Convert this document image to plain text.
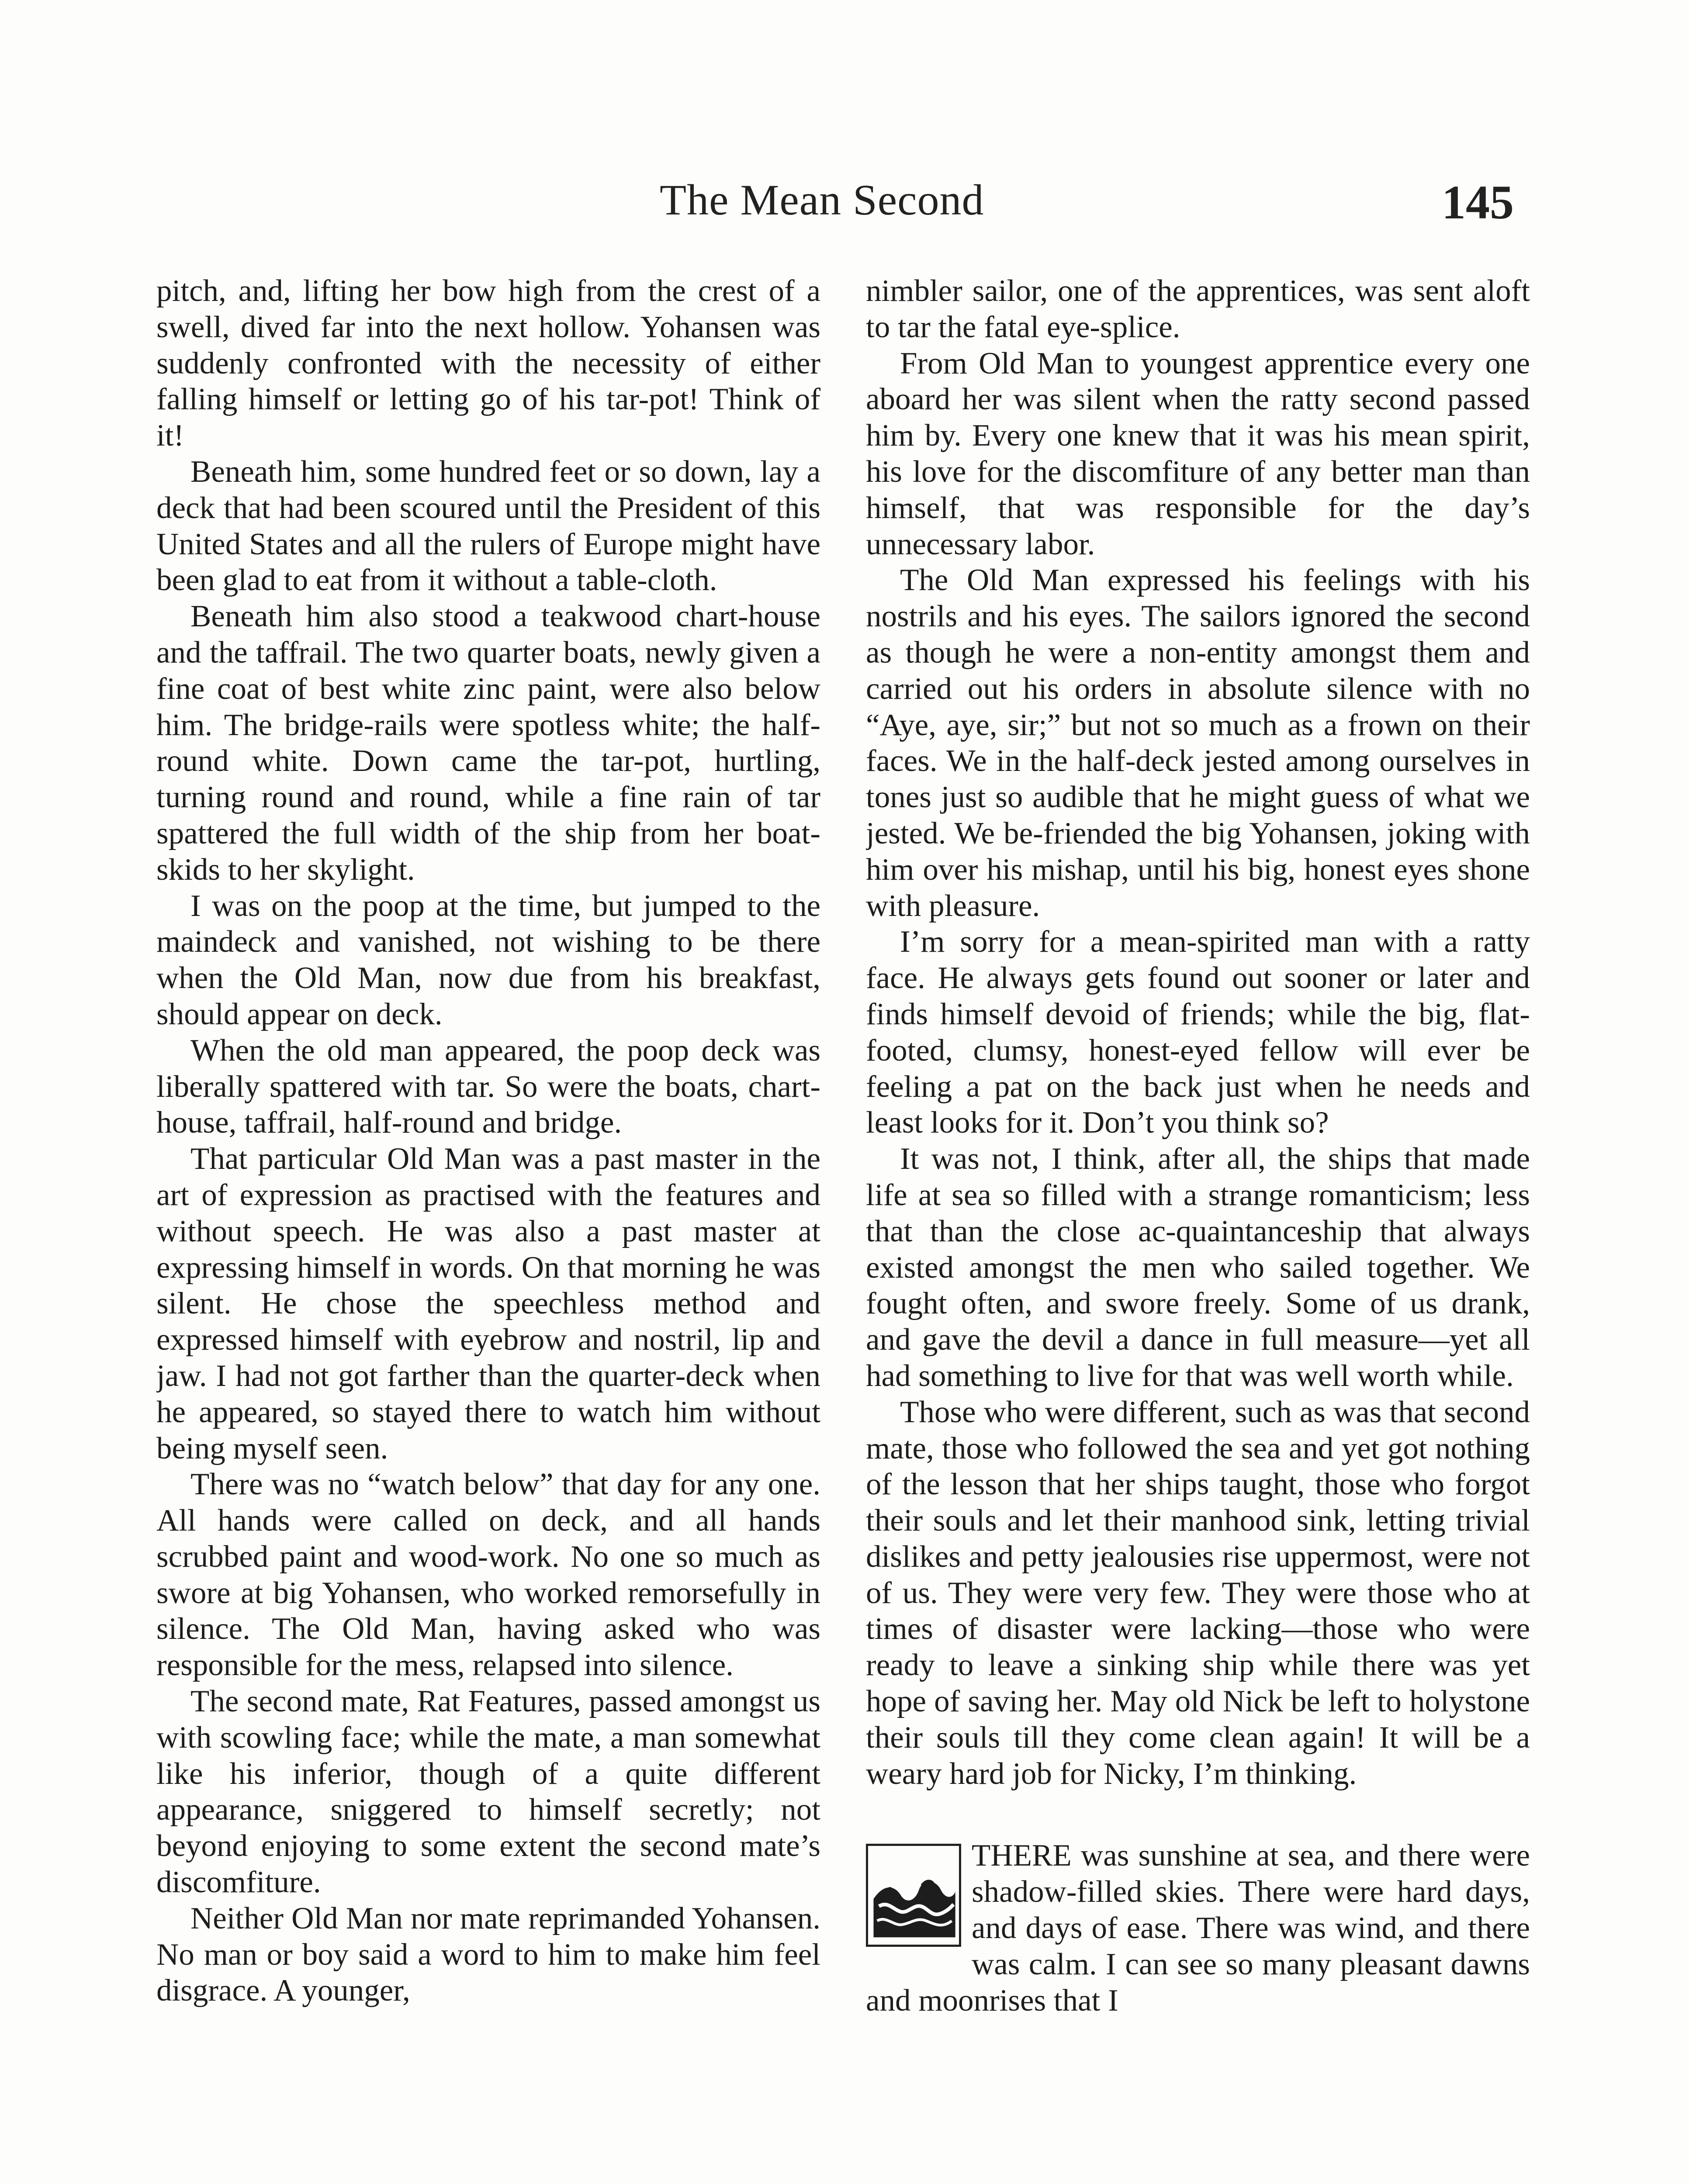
The Mean Second	145

pitch, and, lifting her bow high from the crest of a swell, dived far into the next hollow. Yohansen was suddenly confronted with the necessity of either falling himself or letting go of his tar-pot! Think of it!

Beneath him, some hundred feet or so down, lay a deck that had been scoured until the President of this United States and all the rulers of Europe might have been glad to eat from it without a table-cloth.

Beneath him also stood a teakwood chart-house and the taffrail. The two quarter boats, newly given a fine coat of best white zinc paint, were also below him. The bridge-rails were spotless white; the half-round white. Down came the tar-pot, hurtling, turning round and round, while a fine rain of tar spattered the full width of the ship from her boat-skids to her skylight.

I was on the poop at the time, but jumped to the maindeck and vanished, not wishing to be there when the Old Man, now due from his breakfast, should appear on deck.

When the old man appeared, the poop deck was liberally spattered with tar. So were the boats, chart-house, taffrail, half-round and bridge.

That particular Old Man was a past master in the art of expression as practised with the features and without speech. He was also a past master at expressing himself in words. On that morning he was silent. He chose the speechless method and expressed himself with eyebrow and nostril, lip and jaw. I had not got farther than the quarter-deck when he appeared, so stayed there to watch him without being myself seen.

There was no “watch below” that day for any one. All hands were called on deck, and all hands scrubbed paint and wood-work. No one so much as swore at big Yohansen, who worked remorsefully in silence. The Old Man, having asked who was responsible for the mess, relapsed into silence.

The second mate, Rat Features, passed amongst us with scowling face; while the mate, a man somewhat like his inferior, though of a quite different appearance, sniggered to himself secretly; not beyond enjoying to some extent the second mate’s discomfiture.

Neither Old Man nor mate reprimanded Yohansen. No man or boy said a word to him to make him feel disgrace. A younger,

nimbler sailor, one of the apprentices, was sent aloft to tar the fatal eye-splice.

From Old Man to youngest apprentice every one aboard her was silent when the ratty second passed him by. Every one knew that it was his mean spirit, his love for the discomfiture of any better man than himself, that was responsible for the day’s unnecessary labor.

The Old Man expressed his feelings with his nostrils and his eyes. The sailors ignored the second as though he were a non-entity amongst them and carried out his orders in absolute silence with no “Aye, aye, sir;” but not so much as a frown on their faces. We in the half-deck jested among ourselves in tones just so audible that he might guess of what we jested. We be-friended the big Yohansen, joking with him over his mishap, until his big, honest eyes shone with pleasure.

I’m sorry for a mean-spirited man with a ratty face. He always gets found out sooner or later and finds himself devoid of friends; while the big, flat-footed, clumsy, honest-eyed fellow will ever be feeling a pat on the back just when he needs and least looks for it. Don’t you think so?

It was not, I think, after all, the ships that made life at sea so filled with a strange romanticism; less that than the close ac-quaintanceship that always existed amongst the men who sailed together. We fought often, and swore freely. Some of us drank, and gave the devil a dance in full measure—yet all had something to live for that was well worth while.

Those who were different, such as was that second mate, those who followed the sea and yet got nothing of the lesson that her ships taught, those who forgot their souls and let their manhood sink, letting trivial dislikes and petty jealousies rise uppermost, were not of us. They were very few. They were those who at times of disaster were lacking—those who were ready to leave a sinking ship while there was yet hope of saving her. May old Nick be left to holystone their souls till they come clean again! It will be a weary hard job for Nicky, I’m thinking.

THERE was sunshine at sea, and there were shadow-filled skies. There were hard days, and days of ease. There was wind, and there was calm. I can see so many pleasant dawns and moonrises that I
